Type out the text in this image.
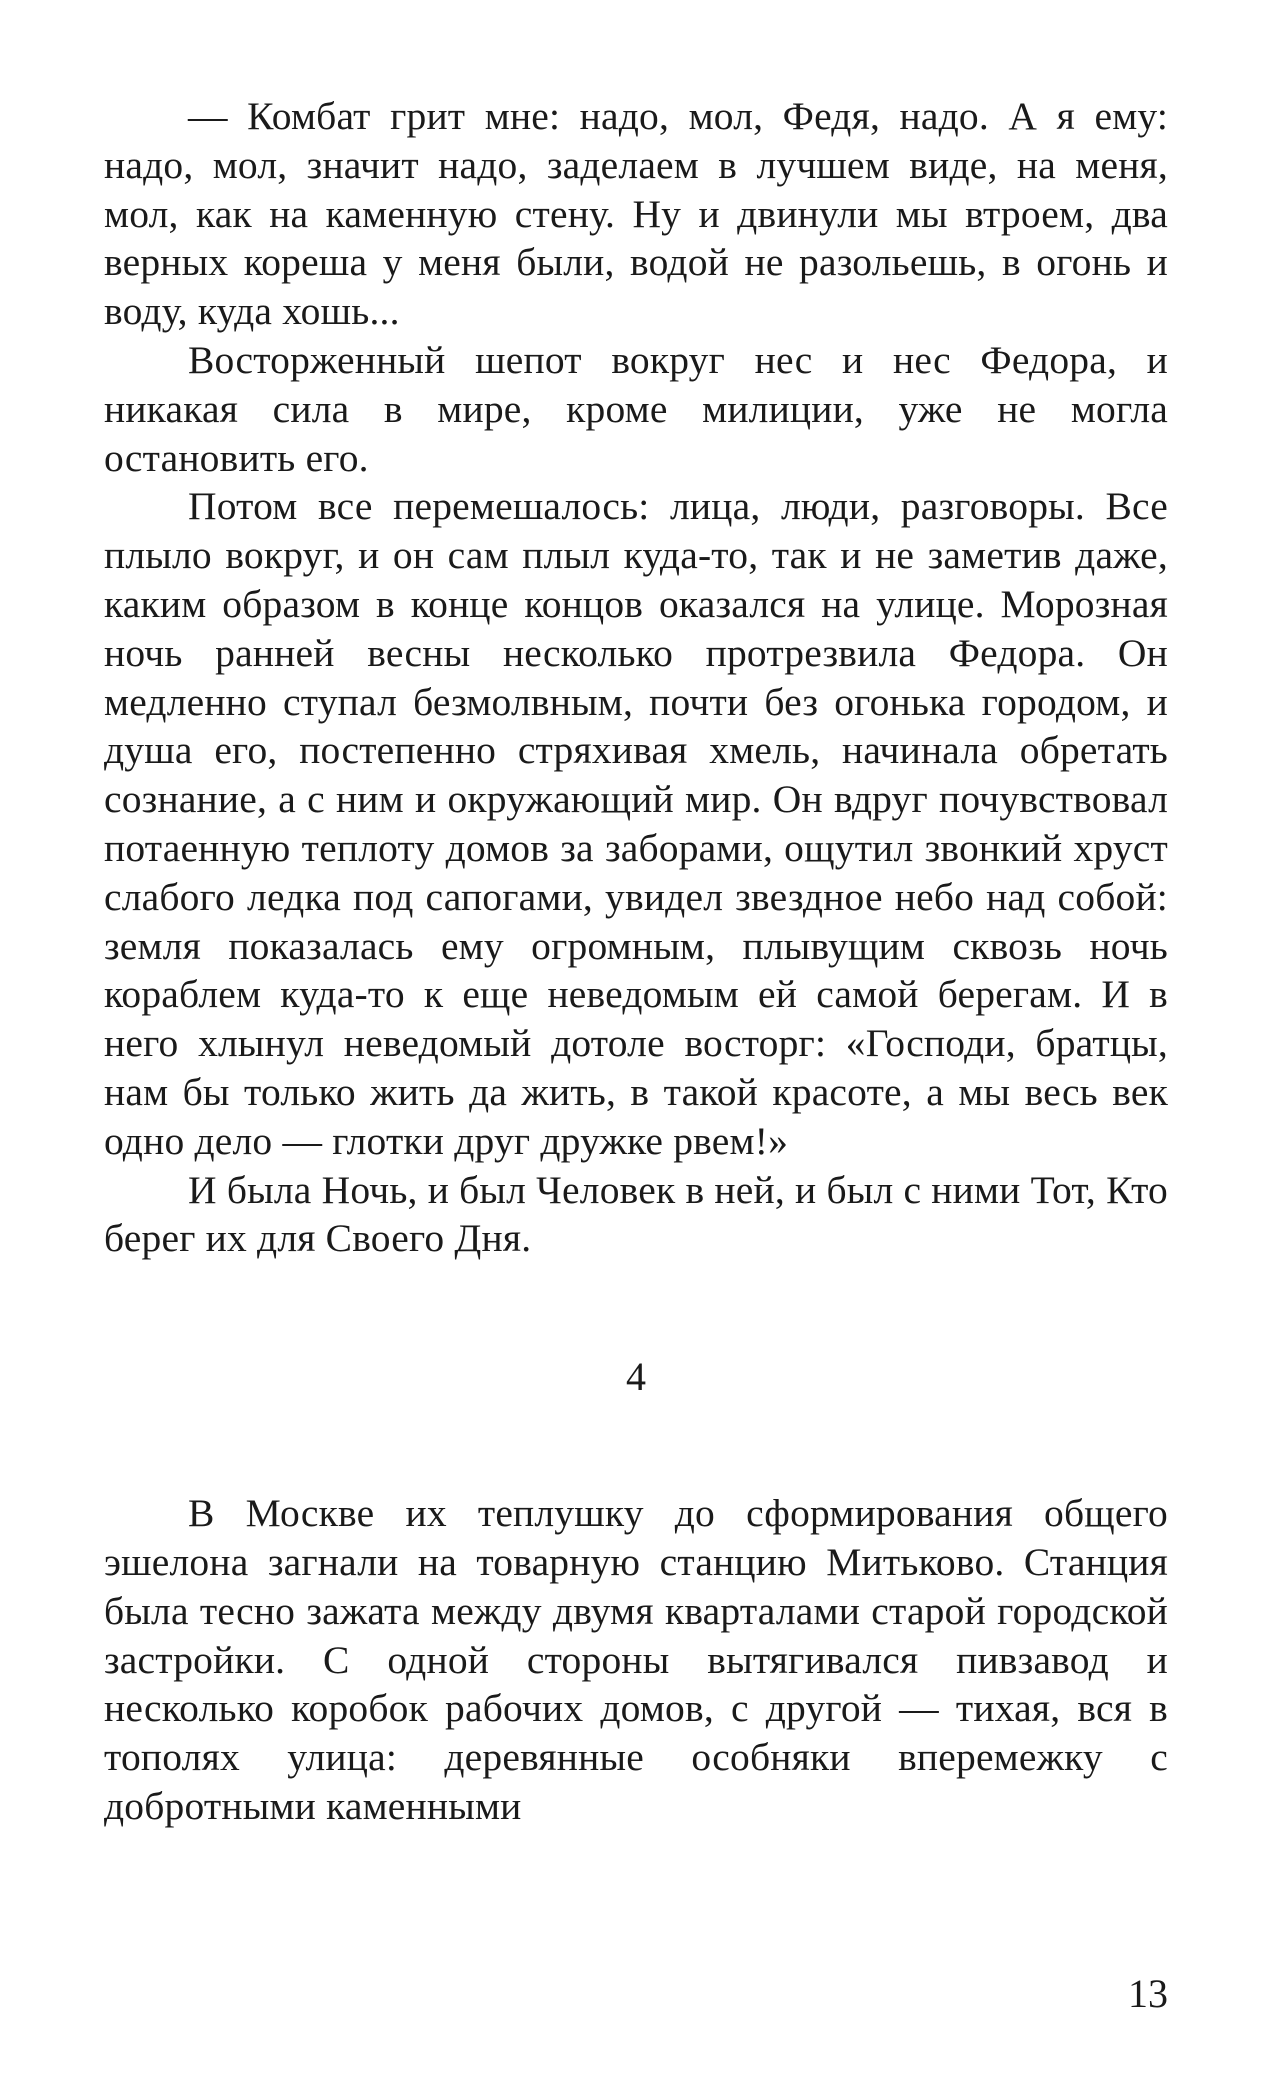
— Комбат грит мне: надо, мол, Федя, надо. А я ему: надо, мол, значит надо, заделаем в лучшем виде, на меня, мол, как на каменную стену. Ну и двинули мы втроем, два верных кореша у меня были, водой не разольешь, в огонь и воду, куда хошь...

Восторженный шепот вокруг нес и нес Федора, и никакая сила в мире, кроме милиции, уже не могла остановить его.

Потом все перемешалось: лица, люди, разговоры. Все плыло вокруг, и он сам плыл куда-то, так и не заметив даже, каким образом в конце концов оказался на улице. Морозная ночь ранней весны несколько протрезвила Федора. Он медленно ступал безмолвным, почти без огонька городом, и душа его, постепенно стряхивая хмель, начинала обретать сознание, а с ним и окружающий мир. Он вдруг почувствовал потаенную теплоту домов за заборами, ощутил звонкий хруст слабого ледка под сапогами, увидел звездное небо над собой: земля показалась ему огромным, плывущим сквозь ночь кораблем куда-то к еще неведомым ей самой берегам. И в него хлынул неведомый дотоле восторг: «Господи, братцы, нам бы только жить да жить, в такой красоте, а мы весь век одно дело — глотки друг дружке рвем!»

И была Ночь, и был Человек в ней, и был с ними Тот, Кто берег их для Своего Дня.

4

В Москве их теплушку до сформирования общего эшелона загнали на товарную станцию Митьково. Станция была тесно зажата между двумя кварталами старой городской застройки. С одной стороны вытягивался пивзавод и несколько коробок рабочих домов, с другой — тихая, вся в тополях улица: деревянные особняки вперемежку с добротными каменными

13
